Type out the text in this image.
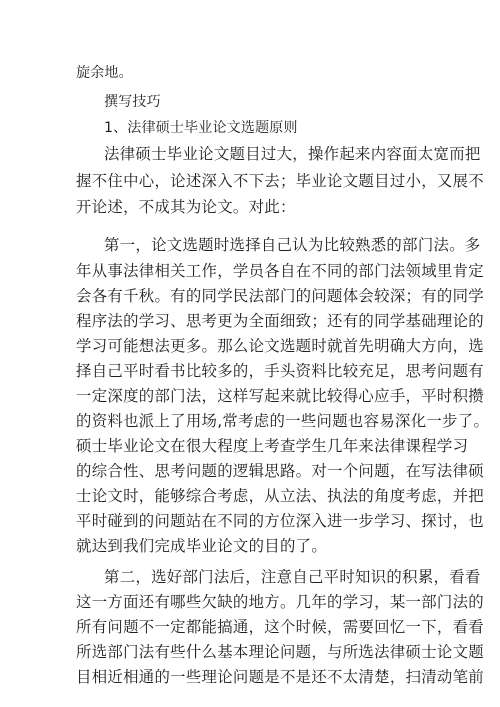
旋余地。
撰写技巧
1、法律硕士毕业论文选题原则
法律硕士毕业论文题目过大，操作起来内容面太宽而把
握不住中心，论述深入不下去；毕业论文题目过小，又展不
开论述，不成其为论文。对此：
第一，论文选题时选择自己认为比较熟悉的部门法。多
年从事法律相关工作，学员各自在不同的部门法领域里肯定
会各有千秋。有的同学民法部门的问题体会较深；有的同学
程序法的学习、思考更为全面细致；还有的同学基础理论的
学习可能想法更多。那么论文选题时就首先明确大方向，选
择自己平时看书比较多的，手头资料比较充足，思考问题有
一定深度的部门法，这样写起来就比较得心应手，平时积攒
的资料也派上了用场,常考虑的一些问题也容易深化一步了。
硕士毕业论文在很大程度上考查学生几年来法律课程学习
的综合性、思考问题的逻辑思路。对一个问题，在写法律硕
士论文时，能够综合考虑，从立法、执法的角度考虑，并把
平时碰到的问题站在不同的方位深入进一步学习、探讨，也
就达到我们完成毕业论文的目的了。
第二，选好部门法后，注意自己平时知识的积累，看看
这一方面还有哪些欠缺的地方。几年的学习，某一部门法的
所有问题不一定都能搞通，这个时候，需要回忆一下，看看
所选部门法有些什么基本理论问题，与所选法律硕士论文题
目相近相通的一些理论问题是不是还不太清楚，扫清动笔前
